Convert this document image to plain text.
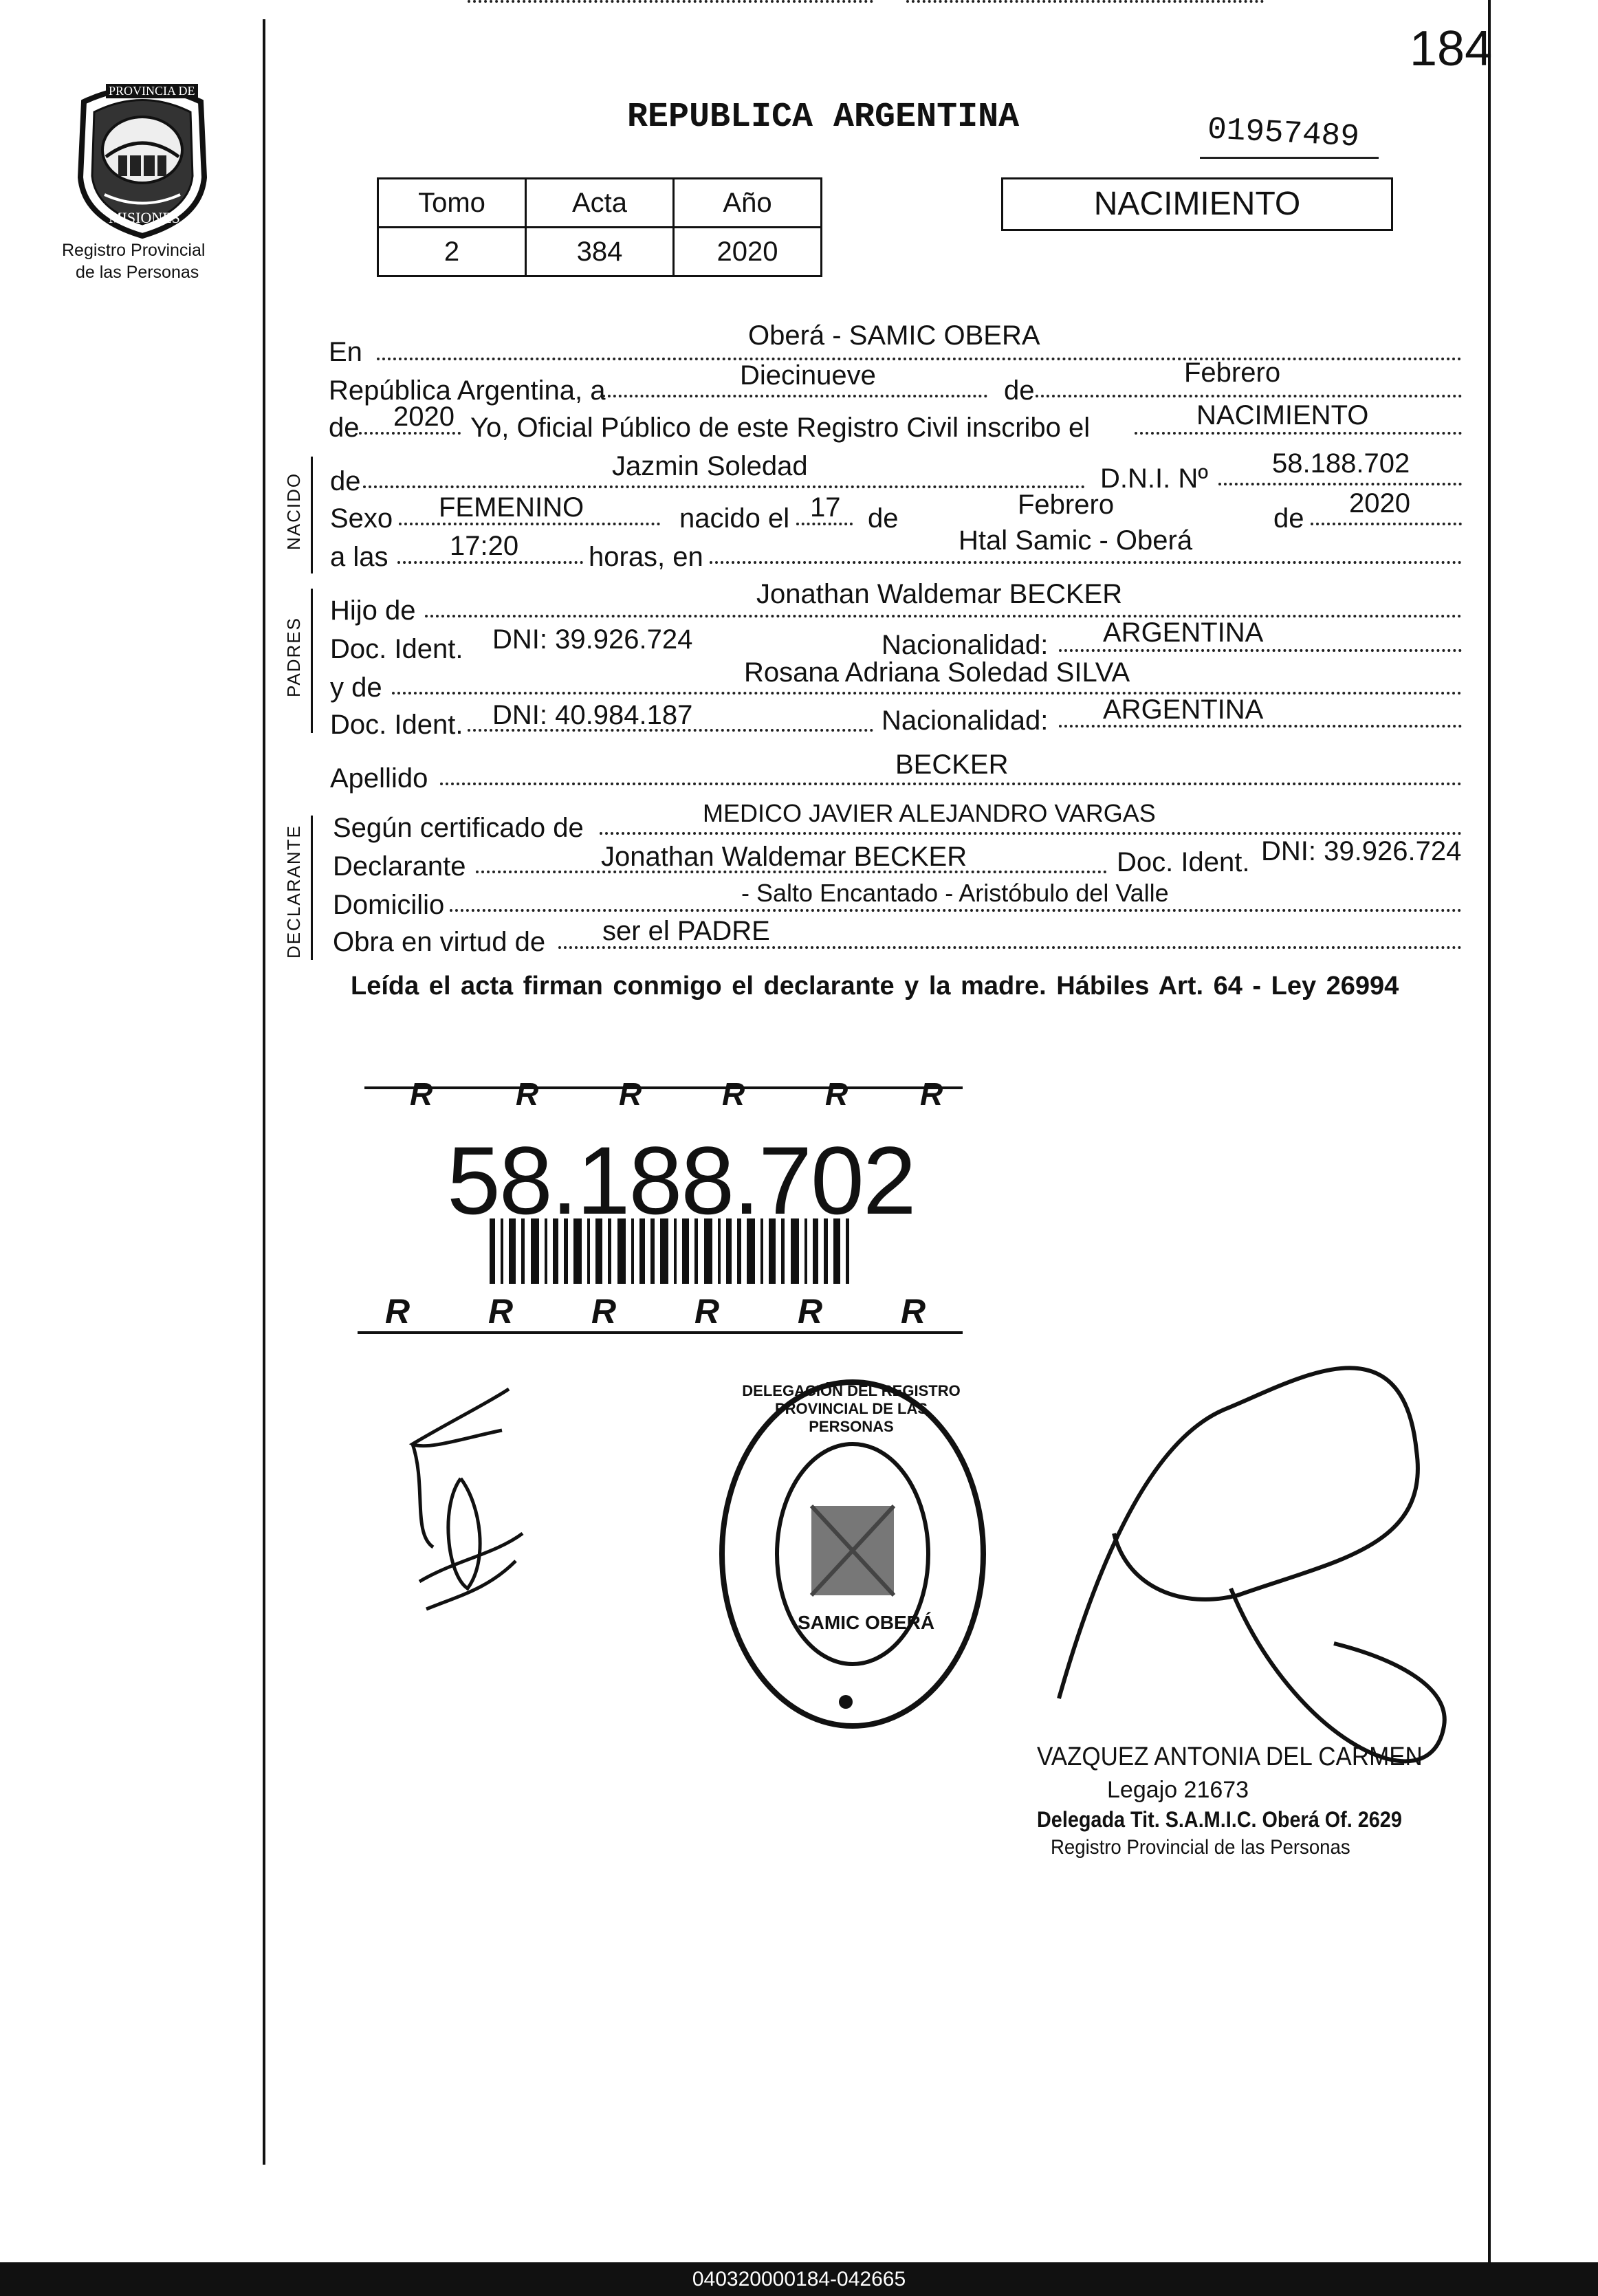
184
PROVINCIA DE
MISIONES
Registro Provincial
de las Personas
REPUBLICA ARGENTINA	01957489
Tomo	Acta	Año
2	384	2020
NACIMIENTO
En
Oberá - SAMIC OBERA
República Argentina, a	Diecinueve	de
Febrero
de 2020 Yo, Oficial Público de este Registro Civil inscribo el	NACIMIENTO
NACIDO de	Jazmin Soledad	D.N.I. Nº 58.188.702
Sexo FEMENINO	nacido el 17 de	Febrero	de 2020
a las 17:20	horas, en
Htal Samic - Oberá
PADRES
Hijo de
Jonathan Waldemar BECKER
Doc. Ident. DNI: 39.926.724	Nacionalidad: ARGENTINA
y de	Rosana Adriana Soledad SILVA
Doc. Ident. DNI: 40.984.187	Nacionalidad: ARGENTINA
Apellido	BECKER
DECLARANTE Según certificado de	MEDICO JAVIER ALEJANDRO VARGAS
Declarante	Jonathan Waldemar BECKER	Doc. Ident. DNI: 39.926.724
Domicilio	- Salto Encantado - Aristóbulo del Valle
Obra en virtud de ser el PADRE
Leída el acta firman conmigo el declarante y la madre. Hábiles Art. 64 - Ley 26994
R	R	R	R	R R
58.188.702
R R R R R R
DELEGACIÓN DEL REGISTRO PROVINCIAL DE LAS PERSONAS
SAMIC OBERÁ
VAZQUEZ ANTONIA DEL CARMEN
Legajo 21673
Delegada Tit. S.A.M.I.C. Oberá Of. 2629
Registro Provincial de las Personas
040320000184-042665
